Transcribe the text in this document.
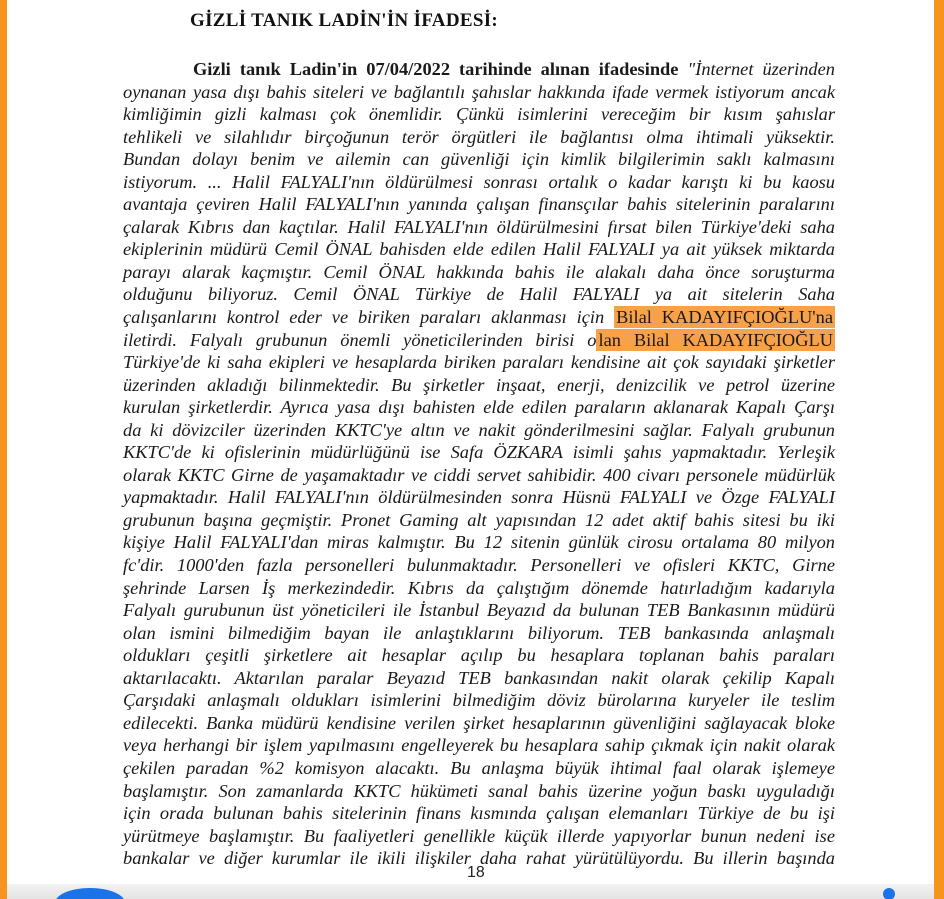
GİZLİ TANIK LADİN'İN İFADESİ:
Gizli tanık Ladin'in 07/04/2022 tarihinde alınan ifadesinde "İnternet üzerinden
oynanan yasa dışı bahis siteleri ve bağlantılı şahıslar hakkında ifade vermek istiyorum ancak
kimliğimin gizli kalması çok önemlidir. Çünkü isimlerini vereceğim bir kısım şahıslar
tehlikeli ve silahlıdır birçoğunun terör örgütleri ile bağlantısı olma ihtimali yüksektir.
Bundan dolayı benim ve ailemin can güvenliği için kimlik bilgilerimin saklı kalmasını
istiyorum. ... Halil FALYALI'nın öldürülmesi sonrası ortalık o kadar karıştı ki bu kaosu
avantaja çeviren Halil FALYALI'nın yanında çalışan finansçılar bahis sitelerinin paralarını
çalarak Kıbrıs dan kaçtılar. Halil FALYALI'nın öldürülmesini fırsat bilen Türkiye'deki saha
ekiplerinin müdürü Cemil ÖNAL bahisden elde edilen Halil FALYALI ya ait yüksek miktarda
parayı alarak kaçmıştır. Cemil ÖNAL hakkında bahis ile alakalı daha önce soruşturma
olduğunu biliyoruz. Cemil ÖNAL Türkiye de Halil FALYALI ya ait sitelerin Saha
çalışanlarını kontrol eder ve biriken paraları aklanması için Bilal KADAYIFÇIOĞLU'na
iletirdi. Falyalı grubunun önemli yöneticilerinden birisi o lan Bilal KADAYIFÇIOĞLU
Türkiye'de ki saha ekipleri ve hesaplarda biriken paraları kendisine ait çok sayıdaki şirketler
üzerinden akladığı bilinmektedir. Bu şirketler inşaat, enerji, denizcilik ve petrol üzerine
kurulan şirketlerdir. Ayrıca yasa dışı bahisten elde edilen paraların aklanarak Kapalı Çarşı
da ki dövizciler üzerinden KKTC'ye altın ve nakit gönderilmesini sağlar. Falyalı grubunun
KKTC'de ki ofislerinin müdürlüğünü ise Safa ÖZKARA isimli şahıs yapmaktadır. Yerleşik
olarak KKTC Girne de yaşamaktadır ve ciddi servet sahibidir. 400 civarı personele müdürlük
yapmaktadır. Halil FALYALI'nın öldürülmesinden sonra Hüsnü FALYALI ve Özge FALYALI
grubunun başına geçmiştir. Pronet Gaming alt yapısından 12 adet aktif bahis sitesi bu iki
kişiye Halil FALYALI'dan miras kalmıştır. Bu 12 sitenin günlük cirosu ortalama 80 milyon
fc'dir. 1000'den fazla personelleri bulunmaktadır. Personelleri ve ofisleri KKTC, Girne
şehrinde Larsen İş merkezindedir. Kıbrıs da çalıştığım dönemde hatırladığım kadarıyla
Falyalı gurubunun üst yöneticileri ile İstanbul Beyazıd da bulunan TEB Bankasının müdürü
olan ismini bilmediğim bayan ile anlaştıklarını biliyorum. TEB bankasında anlaşmalı
oldukları çeşitli şirketlere ait hesaplar açılıp bu hesaplara toplanan bahis paraları
aktarılacaktı. Aktarılan paralar Beyazıd TEB bankasından nakit olarak çekilip Kapalı
Çarşıdaki anlaşmalı oldukları isimlerini bilmediğim döviz bürolarına kuryeler ile teslim
edilecekti. Banka müdürü kendisine verilen şirket hesaplarının güvenliğini sağlayacak bloke
veya herhangi bir işlem yapılmasını engelleyerek bu hesaplara sahip çıkmak için nakit olarak
çekilen paradan %2 komisyon alacaktı. Bu anlaşma büyük ihtimal faal olarak işlemeye
başlamıştır. Son zamanlarda KKTC hükümeti sanal bahis üzerine yoğun baskı uyguladığı
için orada bulunan bahis sitelerinin finans kısmında çalışan elemanları Türkiye de bu işi
yürütmeye başlamıştır. Bu faaliyetleri genellikle küçük illerde yapıyorlar bunun nedeni ise
bankalar ve diğer kurumlar ile ikili ilişkiler daha rahat yürütülüyordu. Bu illerin başında
18
